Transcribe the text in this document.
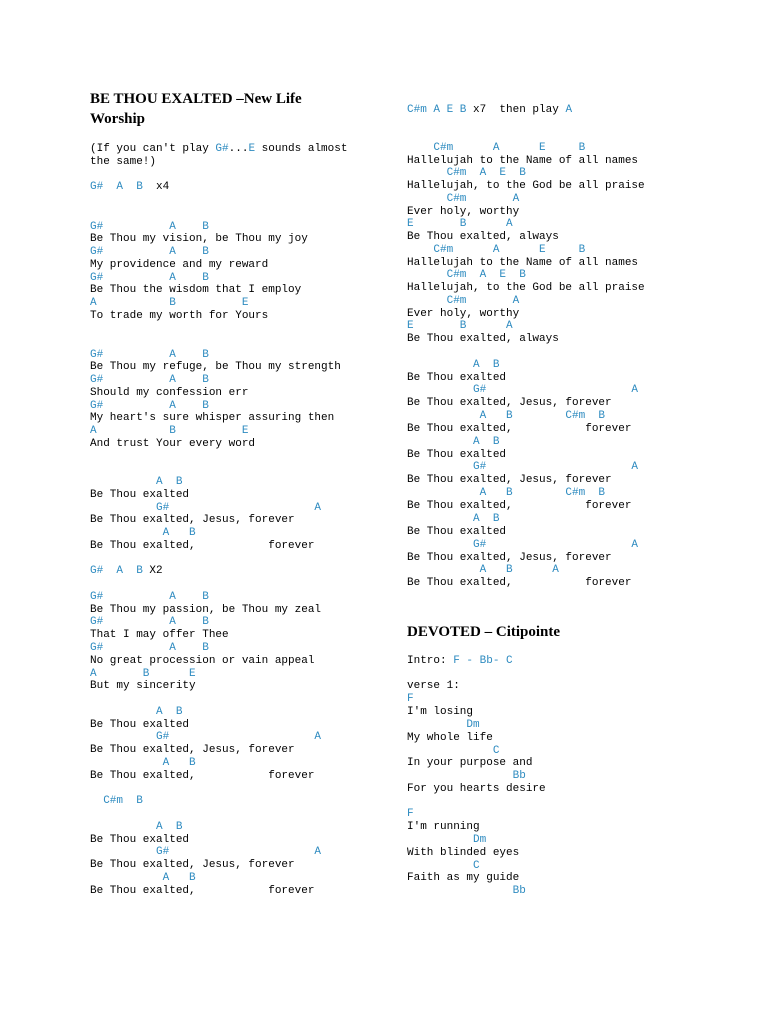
BE THOU EXALTED –New Life Worship
(If you can't play G#...E sounds almost
the same!)
G#  A  B x4
G#          A    B
Be Thou my vision, be Thou my joy
G#          A    B
My providence and my reward
G#          A    B
Be Thou the wisdom that I employ
A           B          E
To trade my worth for Yours
G#          A    B
Be Thou my refuge, be Thou my strength
G#          A    B
Should my confession err
G#          A    B
My heart's sure whisper assuring then
A           B          E
And trust Your every word
A  B
Be Thou exalted
G#                      A
Be Thou exalted, Jesus, forever
A   B
Be Thou exalted,           forever
G#  A  B X2
G#          A    B
Be Thou my passion, be Thou my zeal
G#          A    B
That I may offer Thee
G#          A    B
No great procession or vain appeal
A       B      E
But my sincerity
A  B
Be Thou exalted
G#                      A
Be Thou exalted, Jesus, forever
A   B
Be Thou exalted,           forever
C#m  B
A  B
Be Thou exalted
G#                      A
Be Thou exalted, Jesus, forever
A   B
Be Thou exalted,           forever
C#m A E B x7  then play A
C#m      A      E     B
Hallelujah to the Name of all names
C#m  A  E  B
Hallelujah, to the God be all praise
C#m       A
Ever holy, worthy
E       B      A
Be Thou exalted, always
C#m      A      E     B
Hallelujah to the Name of all names
C#m  A  E  B
Hallelujah, to the God be all praise
C#m       A
Ever holy, worthy
E       B      A
Be Thou exalted, always
A  B
Be Thou exalted
G#                      A
Be Thou exalted, Jesus, forever
A   B        C#m  B
Be Thou exalted,           forever
A  B
Be Thou exalted
G#                      A
Be Thou exalted, Jesus, forever
A   B        C#m  B
Be Thou exalted,           forever
A  B
Be Thou exalted
G#                      A
Be Thou exalted, Jesus, forever
A   B      A
Be Thou exalted,           forever
DEVOTED – Citipointe
Intro: F - Bb- C
verse 1:
F
I'm losing
Dm
My whole life
C
In your purpose and
Bb
For you hearts desire
F
I'm running
Dm
With blinded eyes
C
Faith as my guide
Bb
